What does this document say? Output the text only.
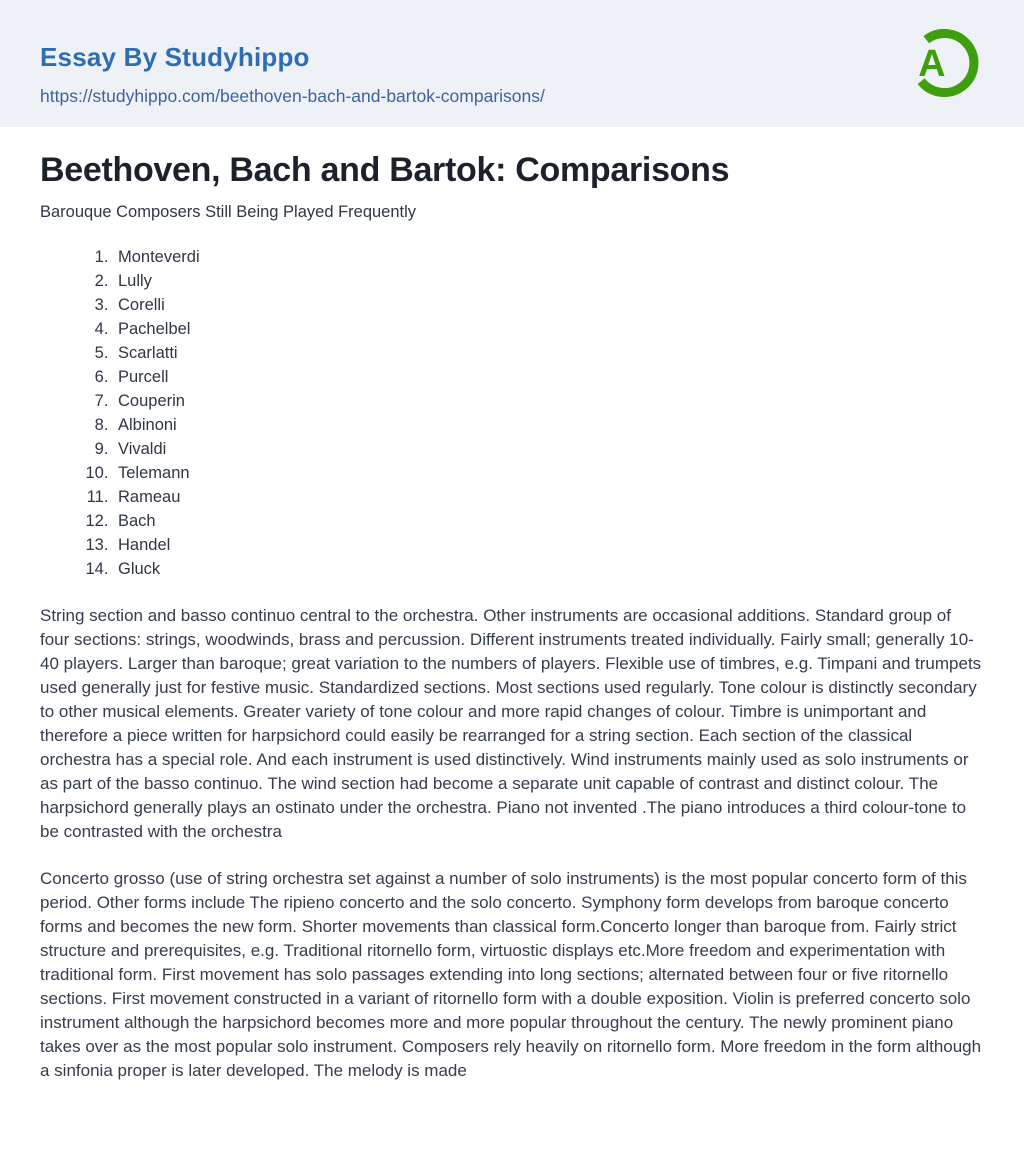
Essay By Studyhippo
https://studyhippo.com/beethoven-bach-and-bartok-comparisons/
A
Beethoven, Bach and Bartok: Comparisons
Barouque Composers Still Being Played Frequently
1. Monteverdi
2. Lully
3. Corelli
4. Pachelbel
5. Scarlatti
6. Purcell
7. Couperin
8. Albinoni
9. Vivaldi
10. Telemann
11. Rameau
12. Bach
13. Handel
14. Gluck

String section and basso continuo central to the orchestra. Other instruments are occasional additions. Standard group of four sections: strings, woodwinds, brass and percussion. Different instruments treated individually. Fairly small; generally 10- 40 players. Larger than baroque; great variation to the numbers of players. Flexible use of timbres, e.g. Timpani and trumpets used generally just for festive music. Standardized sections. Most sections used regularly. Tone colour is distinctly secondary to other musical elements. Greater variety of tone colour and more rapid changes of colour. Timbre is unimportant and therefore a piece written for harpsichord could easily be rearranged for a string section. Each section of the classical orchestra has a special role. And each instrument is used distinctively. Wind instruments mainly used as solo instruments or as part of the basso continuo. The wind section had become a separate unit capable of contrast and distinct colour. The harpsichord generally plays an ostinato under the orchestra. Piano not invented .The piano introduces a third colour-tone to be contrasted with the orchestra

Concerto grosso (use of string orchestra set against a number of solo instruments) is the most popular concerto form of this period. Other forms include The ripieno concerto and the solo concerto. Symphony form develops from baroque concerto forms and becomes the new form. Shorter movements than classical form.Concerto longer than baroque from. Fairly strict structure and prerequisites, e.g. Traditional ritornello form, virtuostic displays etc.More freedom and experimentation with traditional form. First movement has solo passages extending into long sections; alternated between four or five ritornello sections. First movement constructed in a variant of ritornello form with a double exposition. Violin is preferred concerto solo instrument although the harpsichord becomes more and more popular throughout the century. The newly prominent piano takes over as the most popular solo instrument. Composers rely heavily on ritornello form. More freedom in the form although a sinfonia proper is later developed. The melody is made
